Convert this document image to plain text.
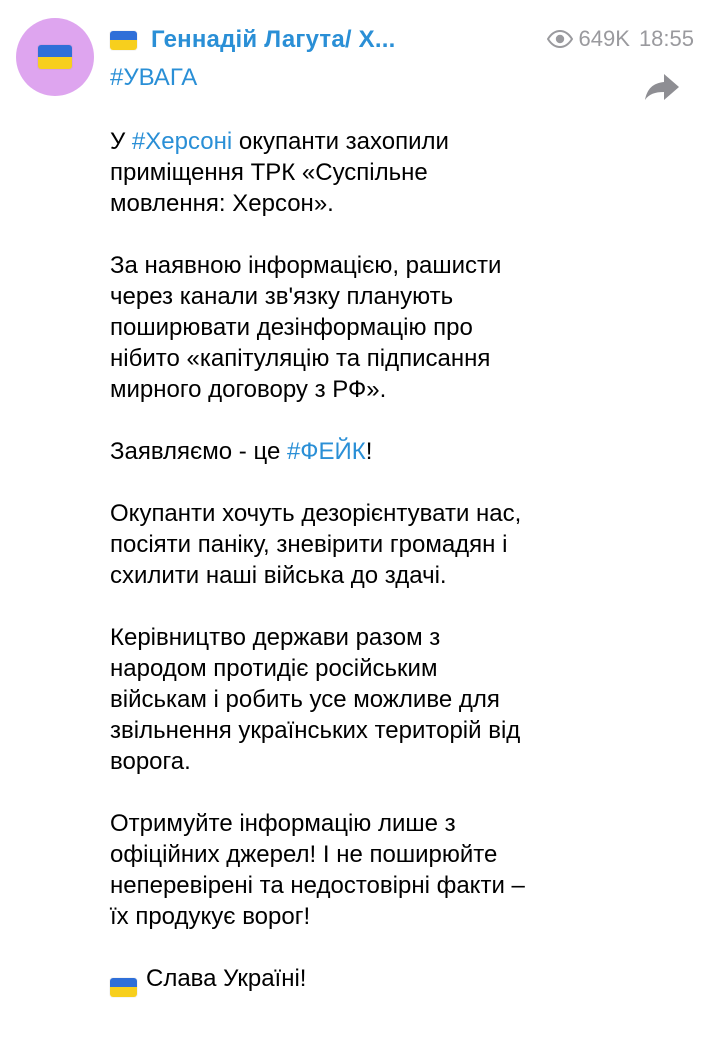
Геннадій Лагута/ Х...	649K 18:55
#УВАГА
У #Херсоні окупанти захопили
приміщення ТРК «Суспільне
мовлення: Херсон».
За наявною інформацією, рашисти
через канали зв'язку планують
поширювати дезінформацію про
нібито «капітуляцію та підписання
мирного договору з РФ».
Заявляємо - це #ФЕЙК!
Окупанти хочуть дезорієнтувати нас,
посіяти паніку, зневірити громадян і
схилити наші війська до здачі.
Керівництво держави разом з
народом протидіє російським
військам і робить усе можливе для
звільнення українських територій від
ворога.
Отримуйте інформацію лише з
офіційних джерел! І не поширюйте
неперевірені та недостовірні факти –
їх продукує ворог!
Слава Україні!
